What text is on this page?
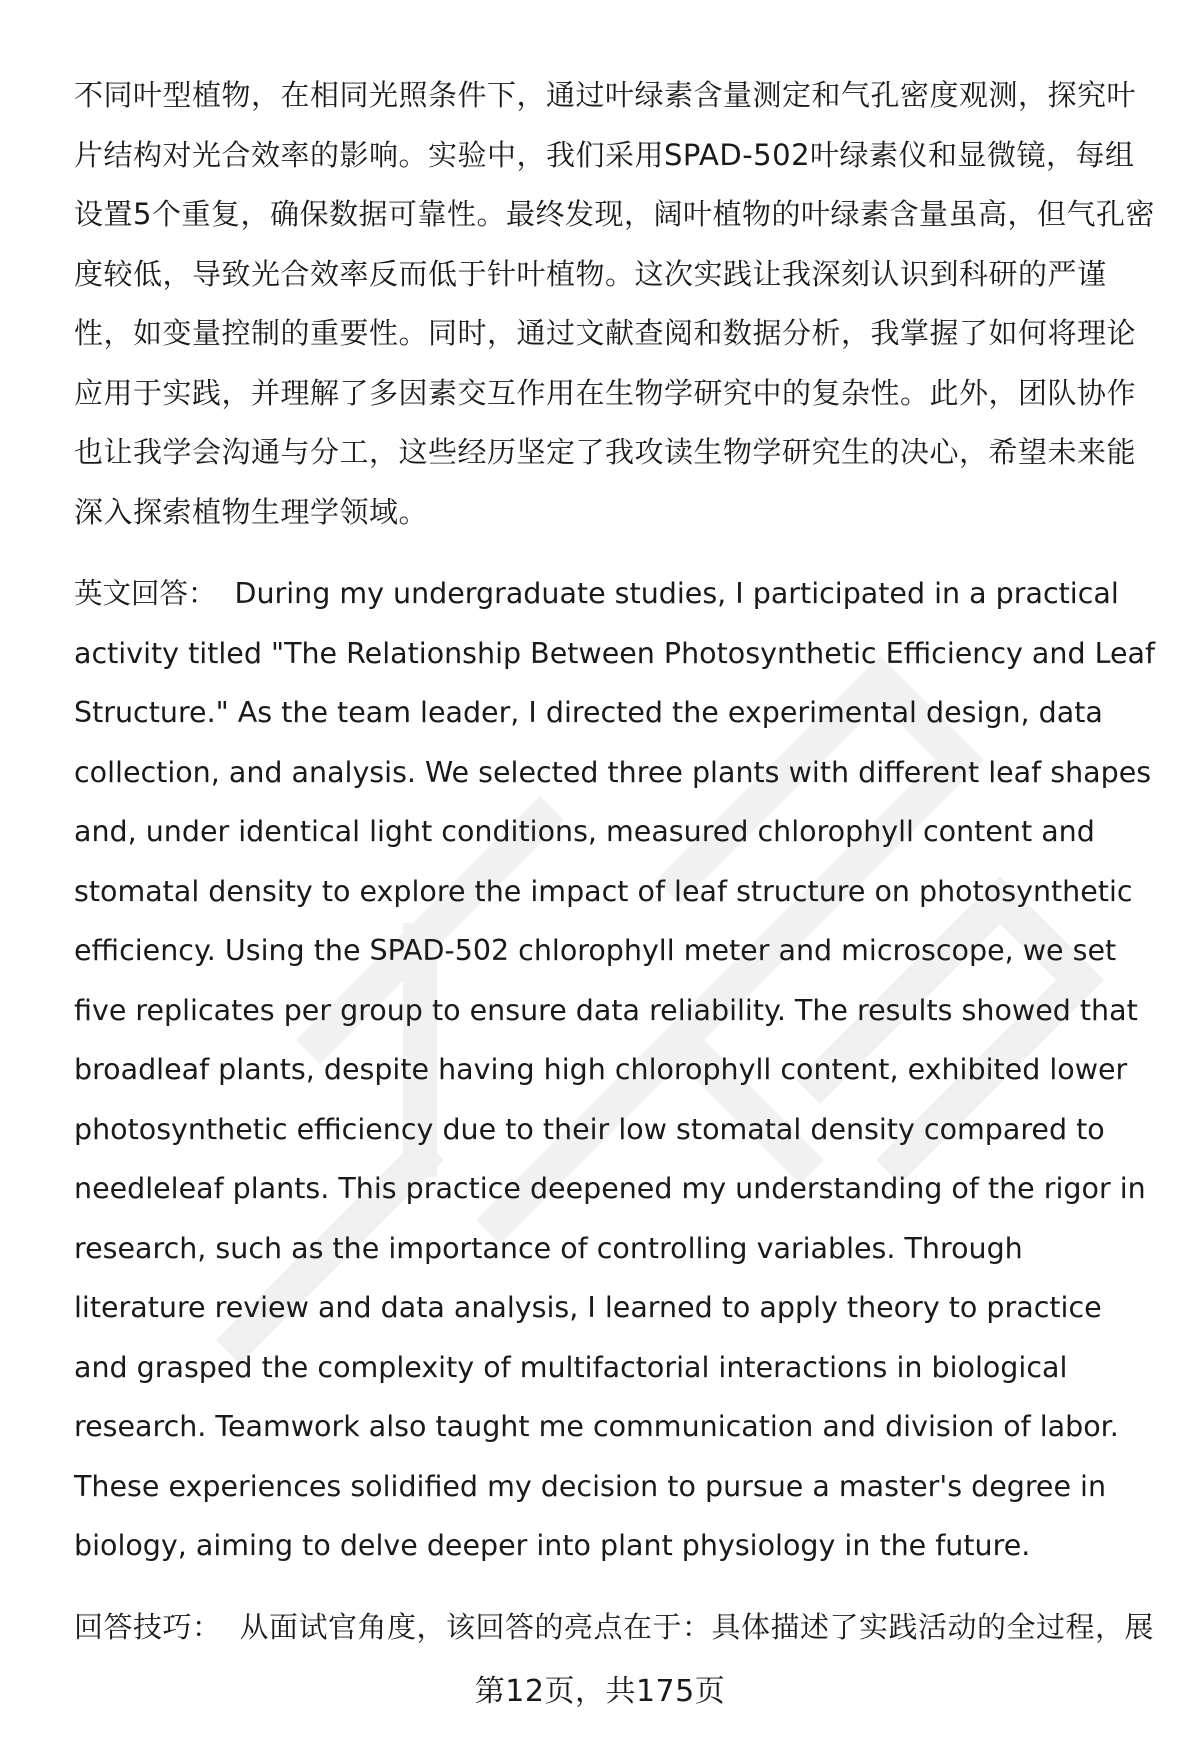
不同叶型植物，在相同光照条件下，通过叶绿素含量测定和气孔密度观测，探究叶片结构对光合效率的影响。实验中，我们采用SPAD-502叶绿素仪和显微镜，每组设置5个重复，确保数据可靠性。最终发现，阔叶植物的叶绿素含量虽高，但气孔密度较低，导致光合效率反而低于针叶植物。这次实践让我深刻认识到科研的严谨性，如变量控制的重要性。同时，通过文献查阅和数据分析，我掌握了如何将理论应用于实践，并理解了多因素交互作用在生物学研究中的复杂性。此外，团队协作也让我学会沟通与分工，这些经历坚定了我攻读生物学研究生的决心，希望未来能深入探索植物生理学领域。

英文回答： During my undergraduate studies, I participated in a practical activity titled "The Relationship Between Photosynthetic Efficiency and Leaf Structure." As the team leader, I directed the experimental design, data collection, and analysis. We selected three plants with different leaf shapes and, under identical light conditions, measured chlorophyll content and stomatal density to explore the impact of leaf structure on photosynthetic efficiency. Using the SPAD-502 chlorophyll meter and microscope, we set five replicates per group to ensure data reliability. The results showed that broadleaf plants, despite having high chlorophyll content, exhibited lower photosynthetic efficiency due to their low stomatal density compared to needleleaf plants. This practice deepened my understanding of the rigor in research, such as the importance of controlling variables. Through literature review and data analysis, I learned to apply theory to practice and grasped the complexity of multifactorial interactions in biological research. Teamwork also taught me communication and division of labor. These experiences solidified my decision to pursue a master's degree in biology, aiming to delve deeper into plant physiology in the future.

回答技巧： 从面试官角度，该回答的亮点在于：具体描述了实践活动的全过程，展

第12页，共175页
